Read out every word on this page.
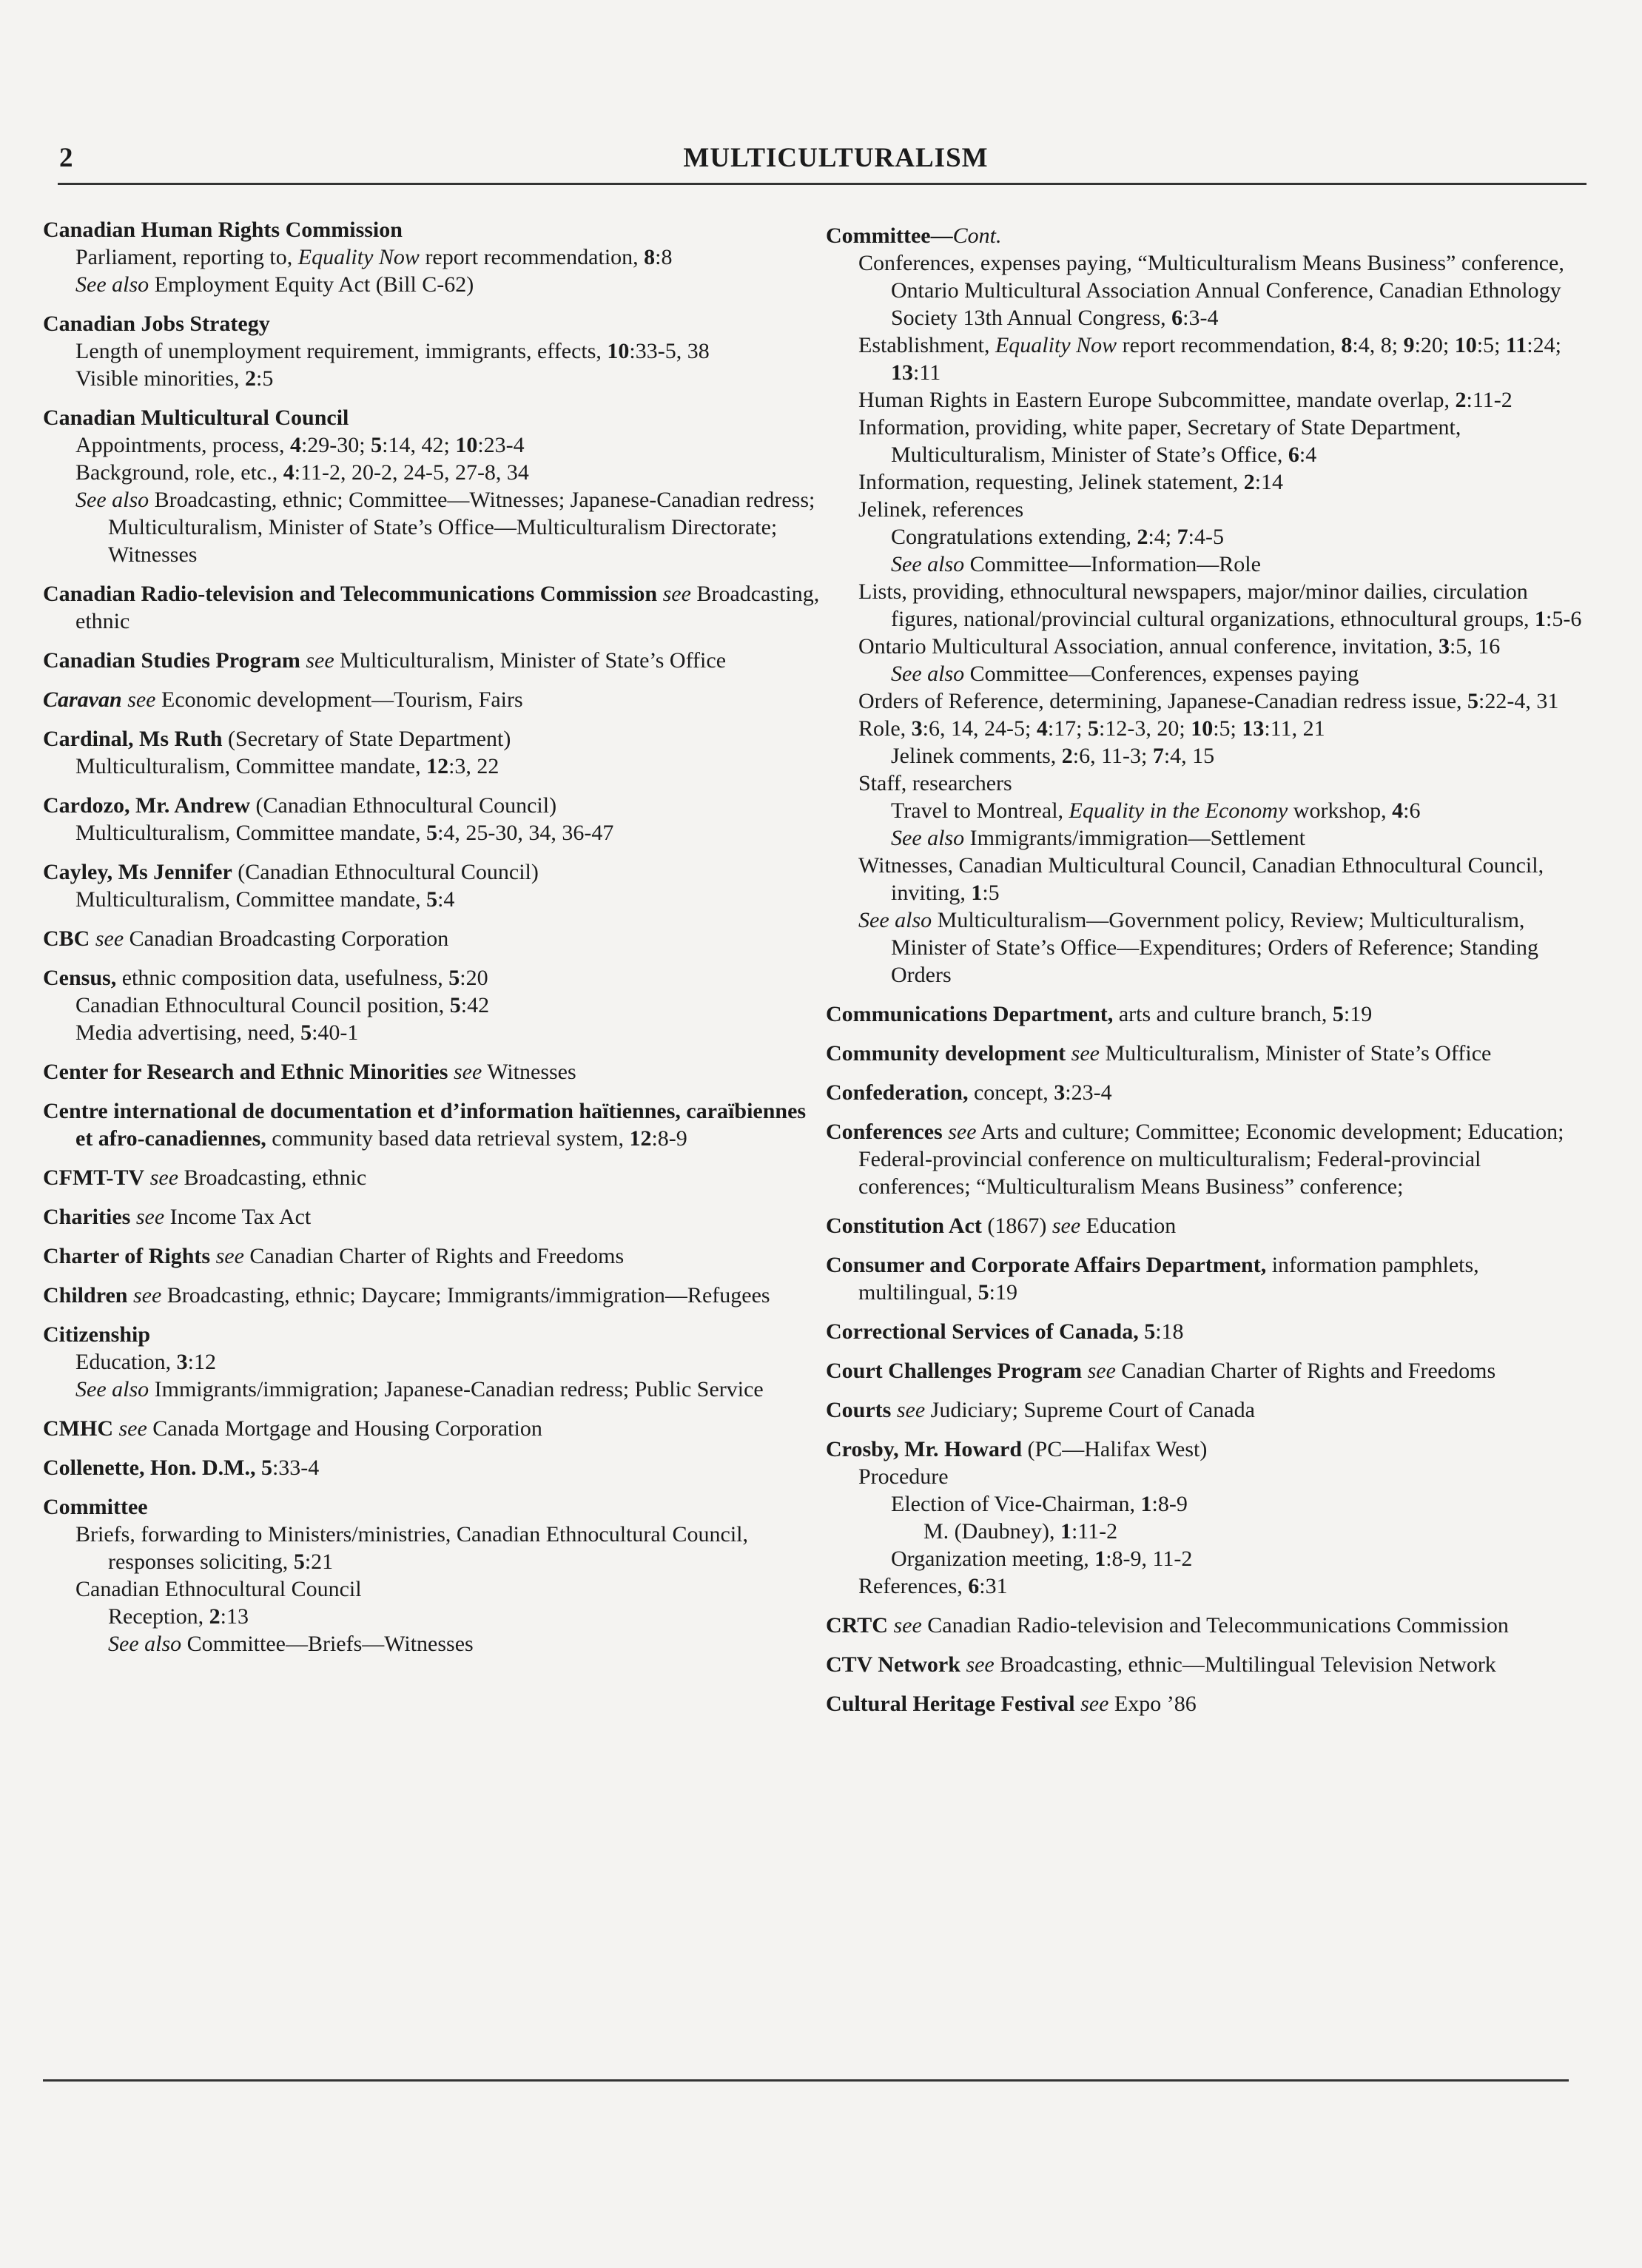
2	MULTICULTURALISM
Canadian Human Rights Commission
Parliament, reporting to, Equality Now report recommendation, 8:8
See also Employment Equity Act (Bill C-62)
Canadian Jobs Strategy
Length of unemployment requirement, immigrants, effects, 10:33-5, 38
Visible minorities, 2:5
Canadian Multicultural Council
Appointments, process, 4:29-30; 5:14, 42; 10:23-4
Background, role, etc., 4:11-2, 20-2, 24-5, 27-8, 34
See also Broadcasting, ethnic; Committee—Witnesses; Japanese-Canadian redress; Multiculturalism, Minister of State’s Office—Multiculturalism Directorate; Witnesses
Canadian Radio-television and Telecommunications Commission see Broadcasting, ethnic
Canadian Studies Program see Multiculturalism, Minister of State’s Office
Caravan see Economic development—Tourism, Fairs
Cardinal, Ms Ruth (Secretary of State Department)
Multiculturalism, Committee mandate, 12:3, 22
Cardozo, Mr. Andrew (Canadian Ethnocultural Council)
Multiculturalism, Committee mandate, 5:4, 25-30, 34, 36-47
Cayley, Ms Jennifer (Canadian Ethnocultural Council)
Multiculturalism, Committee mandate, 5:4
CBC see Canadian Broadcasting Corporation
Census, ethnic composition data, usefulness, 5:20
Canadian Ethnocultural Council position, 5:42
Media advertising, need, 5:40-1
Center for Research and Ethnic Minorities see Witnesses
Centre international de documentation et d’information haïtiennes, caraïbiennes et afro-canadiennes, community based data retrieval system, 12:8-9
CFMT-TV see Broadcasting, ethnic
Charities see Income Tax Act
Charter of Rights see Canadian Charter of Rights and Freedoms
Children see Broadcasting, ethnic; Daycare; Immigrants/immigration—Refugees
Citizenship
Education, 3:12
See also Immigrants/immigration; Japanese-Canadian redress; Public Service
CMHC see Canada Mortgage and Housing Corporation
Collenette, Hon. D.M., 5:33-4
Committee
Briefs, forwarding to Ministers/ministries, Canadian Ethnocultural Council, responses soliciting, 5:21
Canadian Ethnocultural Council
Reception, 2:13
See also Committee—Briefs—Witnesses
Committee—Cont.
Conferences, expenses paying, “Multiculturalism Means Business” conference, Ontario Multicultural Association Annual Conference, Canadian Ethnology Society 13th Annual Congress, 6:3-4
Establishment, Equality Now report recommendation, 8:4, 8; 9:20; 10:5; 11:24; 13:11
Human Rights in Eastern Europe Subcommittee, mandate overlap, 2:11-2
Information, providing, white paper, Secretary of State Department, Multiculturalism, Minister of State’s Office, 6:4
Information, requesting, Jelinek statement, 2:14
Jelinek, references
Congratulations extending, 2:4; 7:4-5
See also Committee—Information—Role
Lists, providing, ethnocultural newspapers, major/minor dailies, circulation figures, national/provincial cultural organizations, ethnocultural groups, 1:5-6
Ontario Multicultural Association, annual conference, invitation, 3:5, 16
See also Committee—Conferences, expenses paying
Orders of Reference, determining, Japanese-Canadian redress issue, 5:22-4, 31
Role, 3:6, 14, 24-5; 4:17; 5:12-3, 20; 10:5; 13:11, 21
Jelinek comments, 2:6, 11-3; 7:4, 15
Staff, researchers
Travel to Montreal, Equality in the Economy workshop, 4:6
See also Immigrants/immigration—Settlement
Witnesses, Canadian Multicultural Council, Canadian Ethnocultural Council, inviting, 1:5
See also Multiculturalism—Government policy, Review; Multiculturalism, Minister of State’s Office—Expenditures; Orders of Reference; Standing Orders
Communications Department, arts and culture branch, 5:19
Community development see Multiculturalism, Minister of State’s Office
Confederation, concept, 3:23-4
Conferences see Arts and culture; Committee; Economic development; Education; Federal-provincial conference on multiculturalism; Federal-provincial conferences; “Multiculturalism Means Business” conference;
Constitution Act (1867) see Education
Consumer and Corporate Affairs Department, information pamphlets, multilingual, 5:19
Correctional Services of Canada, 5:18
Court Challenges Program see Canadian Charter of Rights and Freedoms
Courts see Judiciary; Supreme Court of Canada
Crosby, Mr. Howard (PC—Halifax West)
Procedure
Election of Vice-Chairman, 1:8-9
M. (Daubney), 1:11-2
Organization meeting, 1:8-9, 11-2
References, 6:31
CRTC see Canadian Radio-television and Telecommunications Commission
CTV Network see Broadcasting, ethnic—Multilingual Television Network
Cultural Heritage Festival see Expo ’86
